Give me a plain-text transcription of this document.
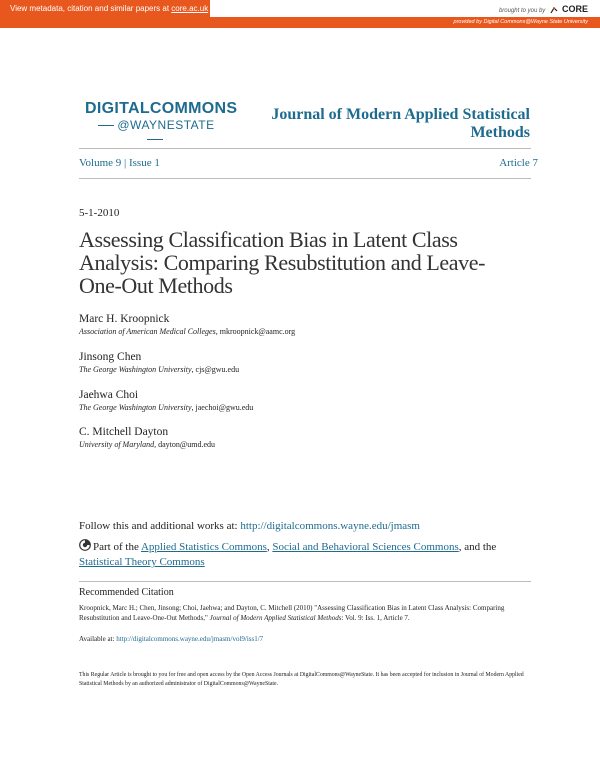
View metadata, citation and similar papers at core.ac.uk	brought to you by CORE
provided by Digital Commons@Wayne State University
DIGITALCOMMONS
@WAYNESTATE
Journal of Modern Applied Statistical Methods
Volume 9 | Issue 1	Article 7
5-1-2010
Assessing Classification Bias in Latent Class Analysis: Comparing Resubstitution and Leave-One-Out Methods
Marc H. Kroopnick
Association of American Medical Colleges, mkroopnick@aamc.org
Jinsong Chen
The George Washington University, cjs@gwu.edu
Jaehwa Choi
The George Washington University, jaechoi@gwu.edu
C. Mitchell Dayton
University of Maryland, dayton@umd.edu
Follow this and additional works at: http://digitalcommons.wayne.edu/jmasm
Part of the Applied Statistics Commons, Social and Behavioral Sciences Commons, and the
Statistical Theory Commons
Recommended Citation
Kroopnick, Marc H.; Chen, Jinsong; Choi, Jaehwa; and Dayton, C. Mitchell (2010) "Assessing Classification Bias in Latent Class Analysis: Comparing Resubstitution and Leave-One-Out Methods," Journal of Modern Applied Statistical Methods: Vol. 9: Iss. 1, Article 7.
Available at: http://digitalcommons.wayne.edu/jmasm/vol9/iss1/7
This Regular Article is brought to you for free and open access by the Open Access Journals at DigitalCommons@WayneState. It has been accepted for inclusion in Journal of Modern Applied Statistical Methods by an authorized administrator of DigitalCommons@WayneState.
